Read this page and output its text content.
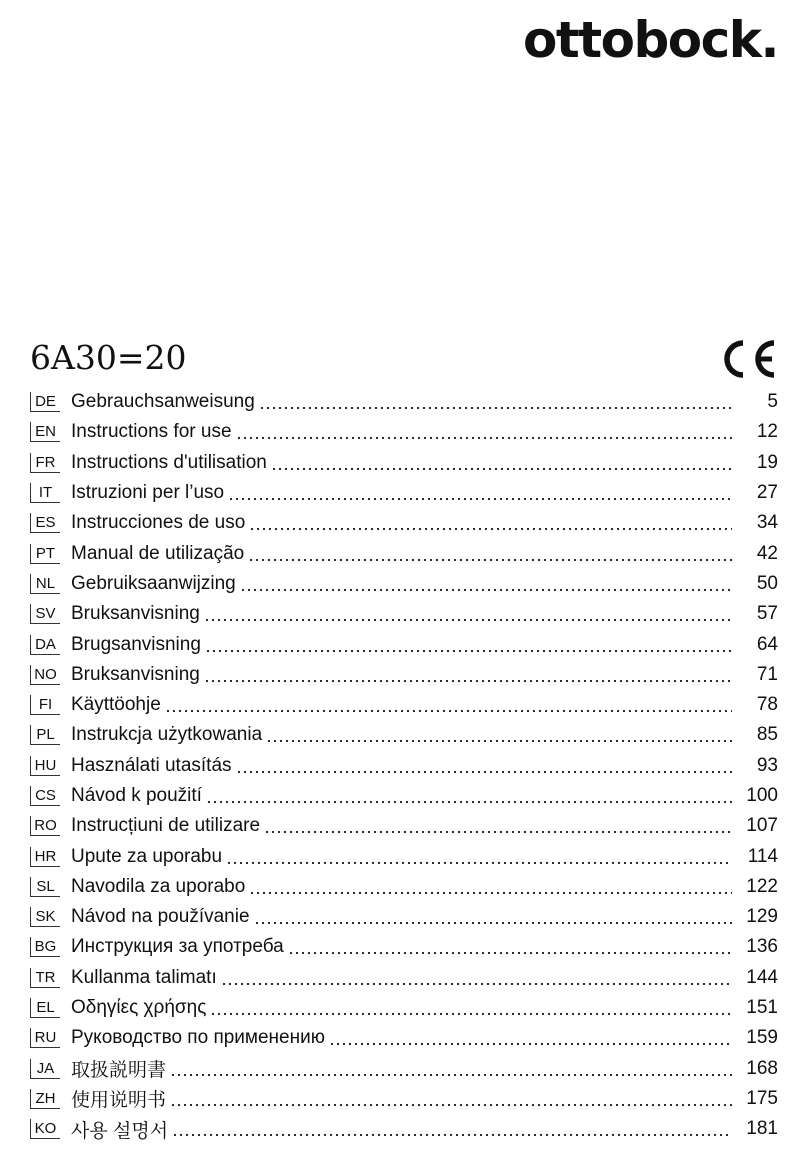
ottobock.
6A30=20
DE Gebrauchsanweisung	5
EN Instructions for use	12
FR Instructions d'utilisation	19
IT Istruzioni per l’uso	27
ES Instrucciones de uso	34
PT Manual de utilização	42
NL Gebruiksaanwijzing	50
SV Bruksanvisning	57
DA Brugsanvisning	64
NO Bruksanvisning	71
FI Käyttöohje	78
PL Instrukcja użytkowania	85
HU Használati utasítás	93
CS Návod k použití	100
RO Instrucțiuni de utilizare	107
HR Upute za uporabu	114
SL Navodila za uporabo	122
SK Návod na používanie	129
BG Инструкция за употреба	136
TR Kullanma talimatı	144
EL Οδηγίες χρήσης	151
RU Руководство по применению	159
JA 取扱説明書	168
ZH 使用说明书	175
KO 사용 설명서	181
